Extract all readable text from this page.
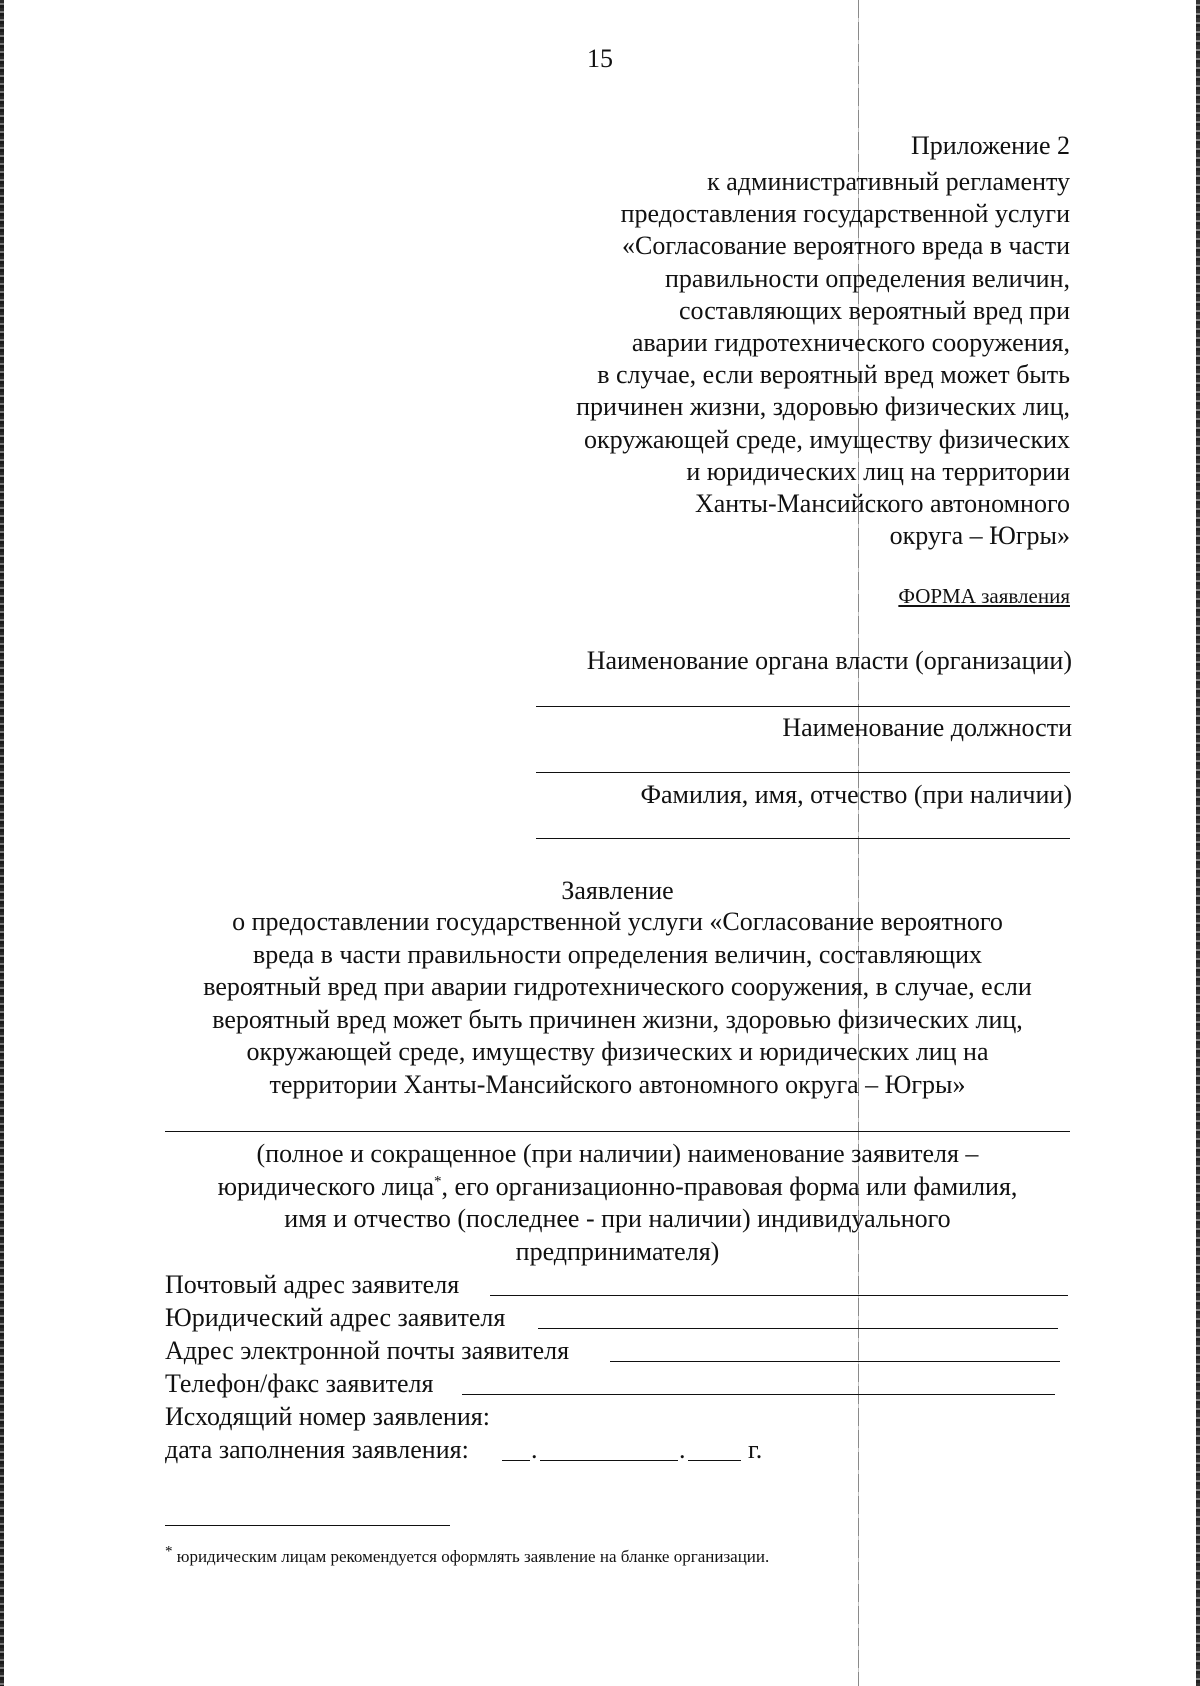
15
Приложение 2
к административный регламенту
предоставления государственной услуги
«Согласование вероятного вреда в части
правильности определения величин,
составляющих вероятный вред при
аварии гидротехнического сооружения,
в случае, если вероятный вред может быть
причинен жизни, здоровью физических лиц,
окружающей среде, имуществу физических
и юридических лиц на территории
Ханты-Мансийского автономного
округа – Югры»
ФОРМА заявления
Наименование органа власти (организации)
Наименование должности
Фамилия, имя, отчество (при наличии)
Заявление
о предоставлении государственной услуги «Согласование вероятного
вреда в части правильности определения величин, составляющих
вероятный вред при аварии гидротехнического сооружения, в случае, если
вероятный вред может быть причинен жизни, здоровью физических лиц,
окружающей среде, имуществу физических и юридических лиц на
территории Ханты-Мансийского автономного округа – Югры»
(полное и сокращенное (при наличии) наименование заявителя –
юридического лица*, его организационно-правовая форма или фамилия,
имя и отчество (последнее - при наличии) индивидуального
предпринимателя)
Почтовый адрес заявителя
Юридический адрес заявителя
Адрес электронной почты заявителя
Телефон/факс заявителя
Исходящий номер заявления:
дата заполнения заявления: .	. г.
* юридическим лицам рекомендуется оформлять заявление на бланке организации.
